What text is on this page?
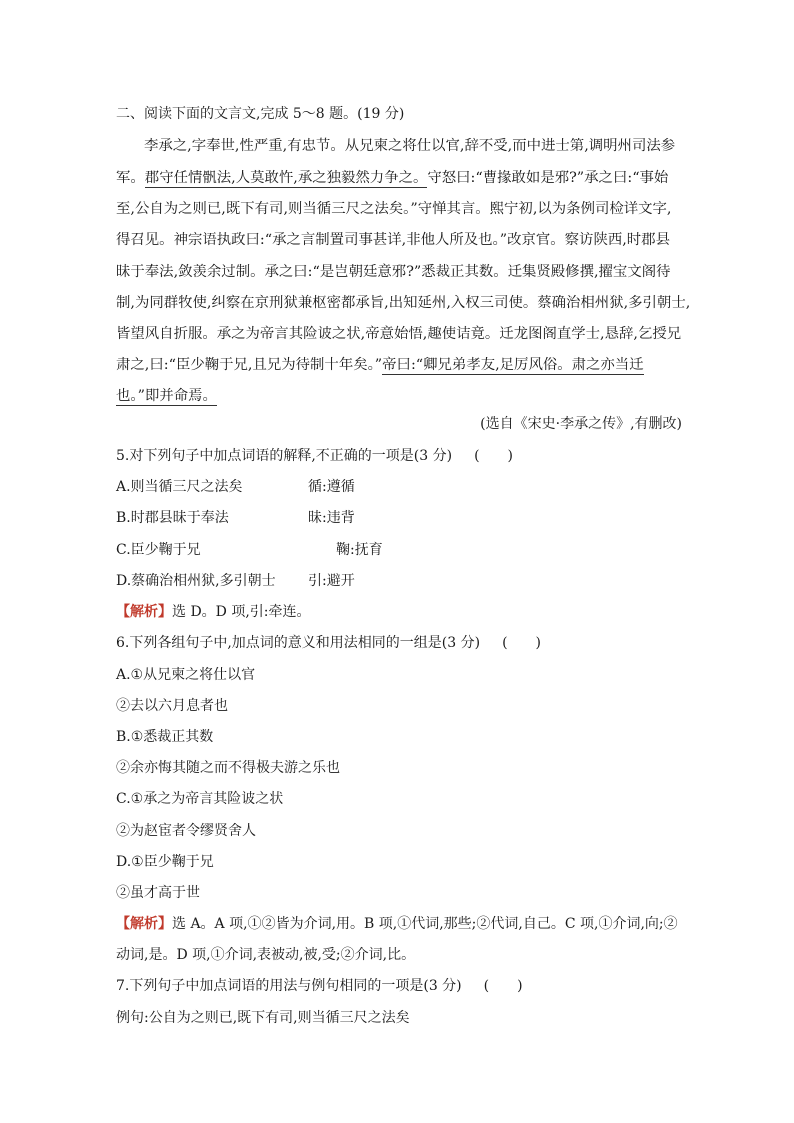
二、阅读下面的文言文,完成 5～8 题。(19 分)
李承之,字奉世,性严重,有忠节。从兄柬之将仕以官,辞不受,而中进士第,调明州司法参
军。郡守任情骪法,人莫敢忤,承之独毅然力争之。守怒曰:“曹掾敢如是邪?”承之曰:“事始
至,公自为之则已,既下有司,则当循三尺之法矣。”守惮其言。熙宁初,以为条例司检详文字,
得召见。神宗语执政曰:“承之言制置司事甚详,非他人所及也。”改京官。察访陕西,时郡县
昧于奉法,敛羡余过制。承之曰:“是岂朝廷意邪?”悉裁正其数。迁集贤殿修撰,擢宝文阁待
制,为同群牧使,纠察在京刑狱兼枢密都承旨,出知延州,入权三司使。蔡确治相州狱,多引朝士,
皆望风自折服。承之为帝言其险诐之状,帝意始悟,趣使诘竟。迁龙图阁直学士,恳辞,乞授兄
肃之,曰:“臣少鞠于兄,且兄为待制十年矣。”帝曰:“卿兄弟孝友,足厉风俗。肃之亦当迁
也。”即并命焉。
(选自《宋史·李承之传》,有删改)
5.对下列句子中加点词语的解释,不正确的一项是(3 分) (　　)
A.则当循三尺之法矣	循:遵循
B.时郡县昧于奉法	昧:违背
C.臣少鞠于兄	鞠:抚育
D.蔡确治相州狱,多引朝士 引:避开
【解析】选 D。D 项,引:牵连。
6.下列各组句子中,加点词的意义和用法相同的一组是(3 分) (　　)
A.①从兄柬之将仕以官
②去以六月息者也
B.①悉裁正其数
②余亦悔其随之而不得极夫游之乐也
C.①承之为帝言其险诐之状
②为赵宦者令缪贤舍人
D.①臣少鞠于兄
②虽才高于世
【解析】选 A。A 项,①②皆为介词,用。B 项,①代词,那些;②代词,自己。C 项,①介词,向;②
动词,是。D 项,①介词,表被动,被,受;②介词,比。
7.下列句子中加点词语的用法与例句相同的一项是(3 分) (　　)
例句:公自为之则已,既下有司,则当循三尺之法矣
